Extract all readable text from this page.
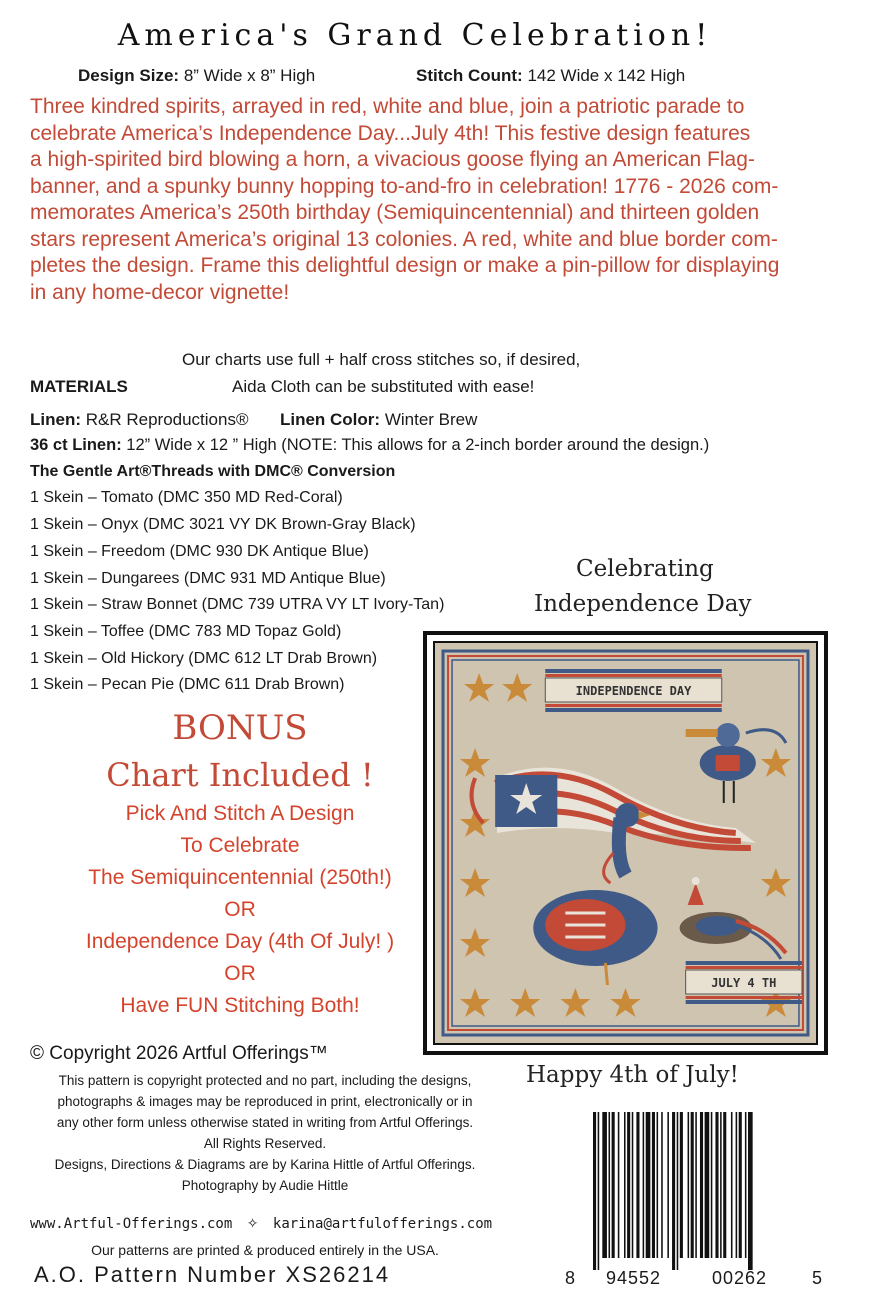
America's Grand Celebration!
Design Size: 8” Wide x 8” High	Stitch Count: 142 Wide x 142 High
Three kindred spirits, arrayed in red, white and blue, join a patriotic parade to
celebrate America’s Independence Day...July 4th! This festive design features
a high-spirited bird blowing a horn, a vivacious goose flying an American Flag-
banner, and a spunky bunny hopping to-and-fro in celebration! 1776 - 2026 com-
memorates America’s 250th birthday (Semiquincentennial) and thirteen golden
stars represent America’s original 13 colonies. A red, white and blue border com-
pletes the design. Frame this delightful design or make a pin-pillow for displaying
in any home-decor vignette!
Our charts use full + half cross stitches so, if desired,
MATERIALS	Aida Cloth can be substituted with ease!
Linen: R&R Reproductions® Linen Color: Winter Brew
36 ct Linen: 12” Wide x 12 ” High (NOTE: This allows for a 2-inch border around the design.)
The Gentle Art®Threads with DMC® Conversion
1 Skein – Tomato (DMC 350 MD Red-Coral)
1 Skein – Onyx (DMC 3021 VY DK Brown-Gray Black)
1 Skein – Freedom (DMC 930 DK Antique Blue)
1 Skein – Dungarees (DMC 931 MD Antique Blue)
1 Skein – Straw Bonnet (DMC 739 UTRA VY LT Ivory-Tan)
1 Skein – Toffee (DMC 783 MD Topaz Gold)
1 Skein – Old Hickory (DMC 612 LT Drab Brown)
1 Skein – Pecan Pie (DMC 611 Drab Brown)
BONUS
Chart Included !
Pick And Stitch A Design
To Celebrate
The Semiquincentennial (250th!)
OR
Independence Day (4th Of July! )
OR
Have FUN Stitching Both!
© Copyright 2026 Artful Offerings™
This pattern is copyright protected and no part, including the designs,
photographs & images may be reproduced in print, electronically or in
any other form unless otherwise stated in writing from Artful Offerings.
All Rights Reserved.
Designs, Directions & Diagrams are by Karina Hittle of Artful Offerings.
Photography by Audie Hittle
www.Artful-Offerings.com ✧ karina@artfulofferings.com
Our patterns are printed & produced entirely in the USA.
A.O. Pattern Number XS26214
Celebrating
Independence Day
Happy 4th of July!
INDEPENDENCE DAY
JULY 4 TH
8 94552	00262 5
